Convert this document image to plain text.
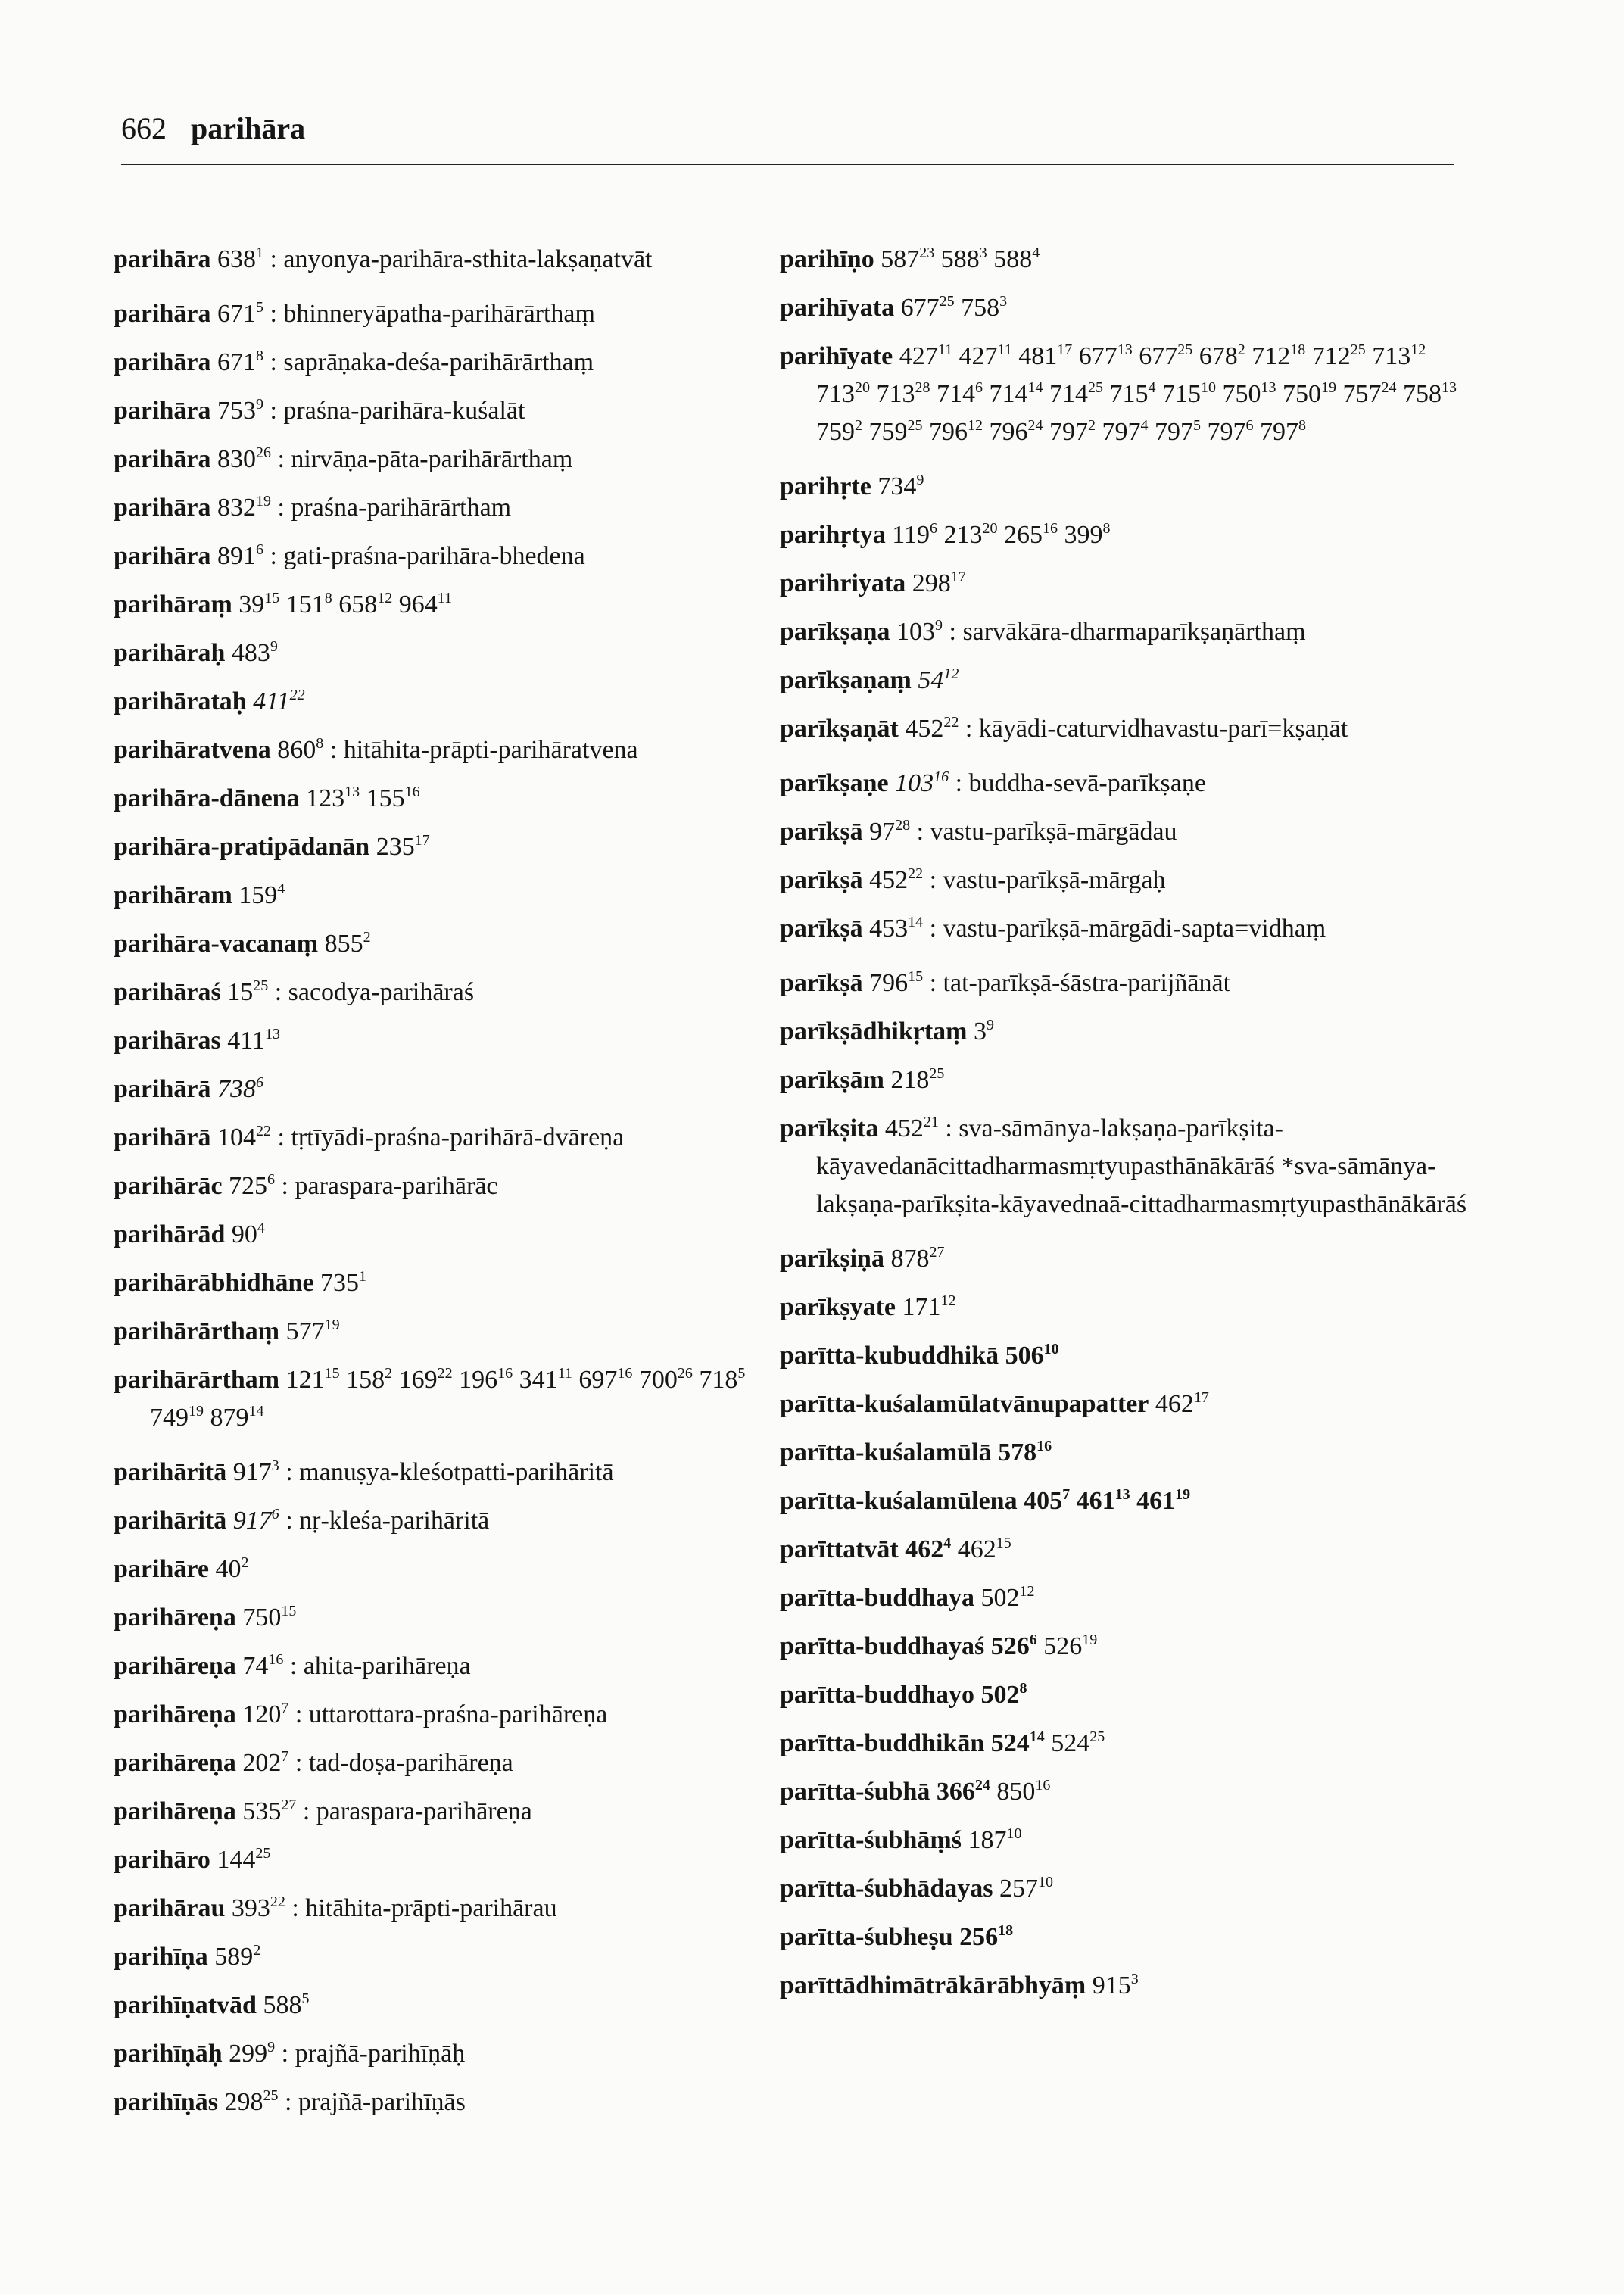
662 parihāra
parihāra $638^1$ : anyonya-parihāra-sthita-lakṣaṇatvāt
parihāra $671^5$ : bhinneryāpatha-parihārārthaṃ
parihāra $671^8$ : saprāṇaka-deśa-parihārārthaṃ
parihāra $753^9$ : praśna-parihāra-kuśalāt
parihāra $830^{26}$ : nirvāṇa-pāta-parihārārthaṃ
parihāra $832^{19}$ : praśna-parihārārtham
parihāra $891^6$ : gati-praśna-parihāra-bhedena
parihāraṃ $39^{15}$ $151^8$ $658^{12}$ $964^{11}$
parihāraḥ $483^9$
parihārataḥ $411^{22}$
parihāratvena $860^8$ : hitāhita-prāpti-parihāratvena
parihāra-dānena $123^{13}$ $155^{16}$
parihāra-pratipādanān $235^{17}$
parihāram $159^4$
parihāra-vacanaṃ $855^2$
parihāraś $15^{25}$ : sacodya-parihāraś
parihāras $411^{13}$
parihārā $738^6$
parihārā $104^{22}$ : tṛtīyādi-praśna-parihārā-dvāreṇa
parihārāc $725^6$ : paraspara-parihārāc
parihārād $90^4$
parihārābhidhāne $735^1$
parihārārthaṃ $577^{19}$
parihārārtham $121^{15}$ $158^2$ $169^{22}$ $196^{16}$ $341^{11}$ $697^{16}$ $700^{26}$ $718^5$ $749^{19}$ $879^{14}$
parihāritā $917^3$ : manuṣya-kleśotpatti-parihāritā
parihāritā $917^6$ : nṛ-kleśa-parihāritā
parihāre $40^2$
parihāreṇa $750^{15}$
parihāreṇa $74^{16}$ : ahita-parihāreṇa
parihāreṇa $120^7$ : uttarottara-praśna-parihāreṇa
parihāreṇa $202^7$ : tad-doṣa-parihāreṇa
parihāreṇa $535^{27}$ : paraspara-parihāreṇa
parihāro $144^{25}$
parihārau $393^{22}$ : hitāhita-prāpti-parihārau
parihīṇa $589^2$
parihīṇatvād $588^5$
parihīṇāḥ $299^9$ : prajñā-parihīṇāḥ
parihīṇās $298^{25}$ : prajñā-parihīṇās
parihīṇo $587^{23}$ $588^3$ $588^4$
parihīyata $677^{25}$ $758^3$
parihīyate $427^{11}$ $427^{11}$ $481^{17}$ $677^{13}$ $677^{25}$ $678^2$ $712^{18}$ $712^{25}$ $713^{12}$ $713^{20}$ $713^{28}$ $714^6$ $714^{14}$ $714^{25}$ $715^4$ $715^{10}$ $750^{13}$ $750^{19}$ $757^{24}$ $758^{13}$ $759^2$ $759^{25}$ $796^{12}$ $796^{24}$ $797^2$ $797^4$ $797^5$ $797^6$ $797^8$
parihṛte $734^9$
parihṛtya $119^6$ $213^{20}$ $265^{16}$ $399^8$
parihriyata $298^{17}$
parīkṣaṇa $103^9$ : sarvākāra-dharmaparīkṣaṇārthaṃ
parīkṣaṇaṃ $54^{12}$
parīkṣaṇāt $452^{22}$ : kāyādi-caturvidhavastu-parī=kṣaṇāt
parīkṣaṇe $103^{16}$ : buddha-sevā-parīkṣaṇe
parīkṣā $97^{28}$ : vastu-parīkṣā-mārgādau
parīkṣā $452^{22}$ : vastu-parīkṣā-mārgaḥ
parīkṣā $453^{14}$ : vastu-parīkṣā-mārgādi-sapta=vidhaṃ
parīkṣā $796^{15}$ : tat-parīkṣā-śāstra-parijñānāt
parīkṣādhikṛtaṃ $3^9$
parīkṣām $218^{25}$
parīkṣita $452^{21}$ : sva-sāmānya-lakṣaṇa-parīkṣita-kāyavedanācittadharmasmṛtyupasthānākārāś *sva-sāmānya-lakṣaṇa-parīkṣita-kāyavednaā-cittadharmasmṛtyupasthānākārāś
parīkṣiṇā $878^{27}$
parīkṣyate $171^{12}$
parītta-kubuddhikā $506^{10}$
parītta-kuśalamūlatvānupapatter $462^{17}$
parītta-kuśalamūlā $578^{16}$
parītta-kuśalamūlena $405^7$ $461^{13}$ $461^{19}$
parīttatvāt $462^4$ $462^{15}$
parītta-buddhaya $502^{12}$
parītta-buddhayaś $526^6$ $526^{19}$
parītta-buddhayo $502^8$
parītta-buddhikān $524^{14}$ $524^{25}$
parītta-śubhā $366^{24}$ $850^{16}$
parītta-śubhāṃś $187^{10}$
parītta-śubhādayas $257^{10}$
parītta-śubheṣu $256^{18}$
parīttādhimātrākārābhyāṃ $915^3$
